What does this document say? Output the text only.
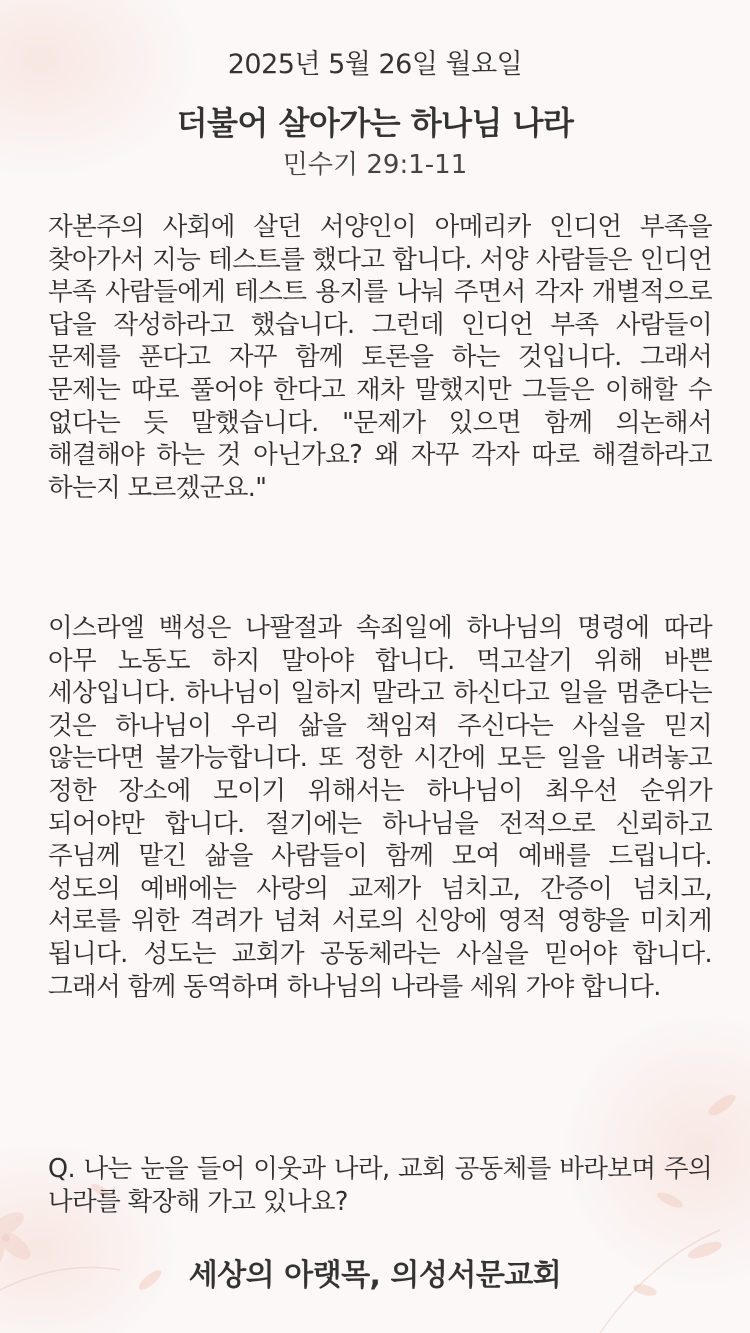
2025년 5월 26일 월요일
더불어 살아가는 하나님 나라
민수기 29:1-11

자본주의 사회에 살던 서양인이 아메리카 인디언 부족을 찾아가서 지능 테스트를 했다고 합니다. 서양 사람들은 인디언 부족 사람들에게 테스트 용지를 나눠 주면서 각자 개별적으로 답을 작성하라고 했습니다. 그런데 인디언 부족 사람들이 문제를 푼다고 자꾸 함께 토론을 하는 것입니다. 그래서 문제는 따로 풀어야 한다고 재차 말했지만 그들은 이해할 수 없다는 듯 말했습니다. "문제가 있으면 함께 의논해서 해결해야 하는 것 아닌가요? 왜 자꾸 각자 따로 해결하라고 하는지 모르겠군요."

이스라엘 백성은 나팔절과 속죄일에 하나님의 명령에 따라 아무 노동도 하지 말아야 합니다. 먹고살기 위해 바쁜 세상입니다. 하나님이 일하지 말라고 하신다고 일을 멈춘다는 것은 하나님이 우리 삶을 책임져 주신다는 사실을 믿지 않는다면 불가능합니다. 또 정한 시간에 모든 일을 내려놓고 정한 장소에 모이기 위해서는 하나님이 최우선 순위가 되어야만 합니다. 절기에는 하나님을 전적으로 신뢰하고 주님께 맡긴 삶을 사람들이 함께 모여 예배를 드립니다. 성도의 예배에는 사랑의 교제가 넘치고, 간증이 넘치고, 서로를 위한 격려가 넘쳐 서로의 신앙에 영적 영향을 미치게 됩니다. 성도는 교회가 공동체라는 사실을 믿어야 합니다. 그래서 함께 동역하며 하나님의 나라를 세워 가야 합니다.

Q. 나는 눈을 들어 이웃과 나라, 교회 공동체를 바라보며 주의 나라를 확장해 가고 있나요?

세상의 아랫목, 의성서문교회
